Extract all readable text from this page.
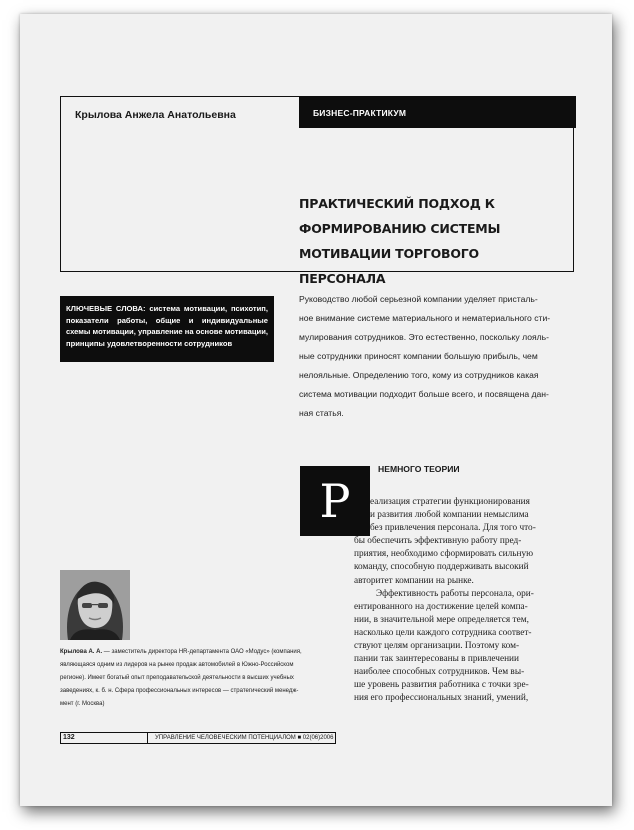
Крылова Анжела Анатольевна	БИЗНЕС-ПРАКТИКУМ
ПРАКТИЧЕСКИЙ ПОДХОД К
ФОРМИРОВАНИЮ СИСТЕМЫ
МОТИВАЦИИ ТОРГОВОГО ПЕРСОНАЛА
КЛЮЧЕВЫЕ СЛОВА: система мотивации, психотип, показатели работы, общие и индивидуальные схемы мотивации, управление на основе мотивации, принципы удовлетворенности сотрудников
Руководство любой серьезной компании уделяет присталь-
ное внимание системе материального и нематериального сти-
мулирования сотрудников. Это естественно, поскольку лояль-
ные сотрудники приносят компании большую прибыль, чем
нелояльные. Определению того, кому из сотрудников какая
система мотивации подходит больше всего, и посвящена дан-
ная статья.
Р
НЕМНОГО ТЕОРИИ
еализация стратегии функционирования
и развития любой компании немыслима
без привлечения персонала. Для того что-
бы обеспечить эффективную работу пред-
приятия, необходимо сформировать сильную
команду, способную поддерживать высокий
авторитет компании на рынке.
Эффективность работы персонала, ори-
ентированного на достижение целей компа-
нии, в значительной мере определяется тем,
насколько цели каждого сотрудника соответ-
ствуют целям организации. Поэтому ком-
пании так заинтересованы в привлечении
наиболее способных сотрудников. Чем вы-
ше уровень развития работника с точки зре-
ния его профессиональных знаний, умений,
Крылова А. А. — заместитель директора HR-департамента ОАО «Модус» (компания,
являющаяся одним из лидеров на рынке продаж автомобилей в Южно-Российском
регионе). Имеет богатый опыт преподавательской деятельности в высших учебных
заведениях, к. б. н. Сфера профессиональных интересов — стратегический менедж-
мент (г. Москва)
132	УПРАВЛЕНИЕ ЧЕЛОВЕЧЕСКИМ ПОТЕНЦИАЛОМ ■ 02(06)2006
